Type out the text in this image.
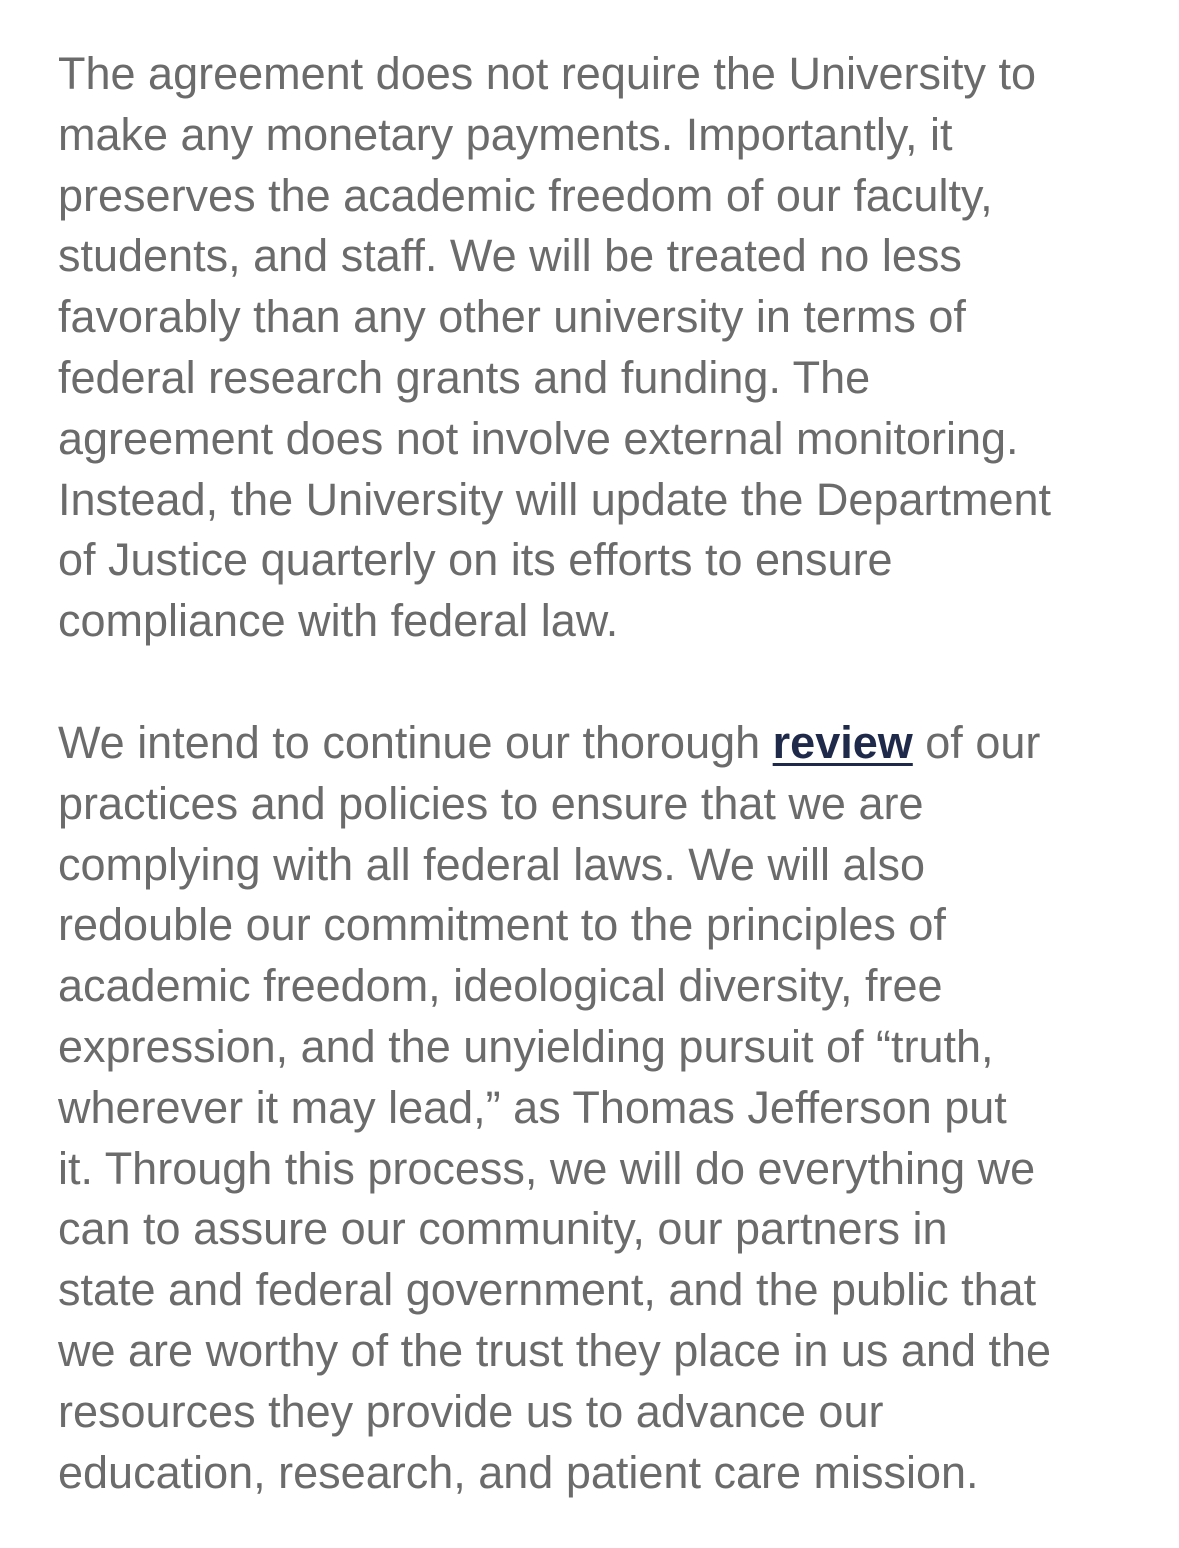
The agreement does not require the University to
make any monetary payments. Importantly, it
preserves the academic freedom of our faculty,
students, and staff. We will be treated no less
favorably than any other university in terms of
federal research grants and funding. The
agreement does not involve external monitoring.
Instead, the University will update the Department
of Justice quarterly on its efforts to ensure
compliance with federal law.

We intend to continue our thorough review of our
practices and policies to ensure that we are
complying with all federal laws. We will also
redouble our commitment to the principles of
academic freedom, ideological diversity, free
expression, and the unyielding pursuit of “truth,
wherever it may lead,” as Thomas Jefferson put
it. Through this process, we will do everything we
can to assure our community, our partners in
state and federal government, and the public that
we are worthy of the trust they place in us and the
resources they provide us to advance our
education, research, and patient care mission.
